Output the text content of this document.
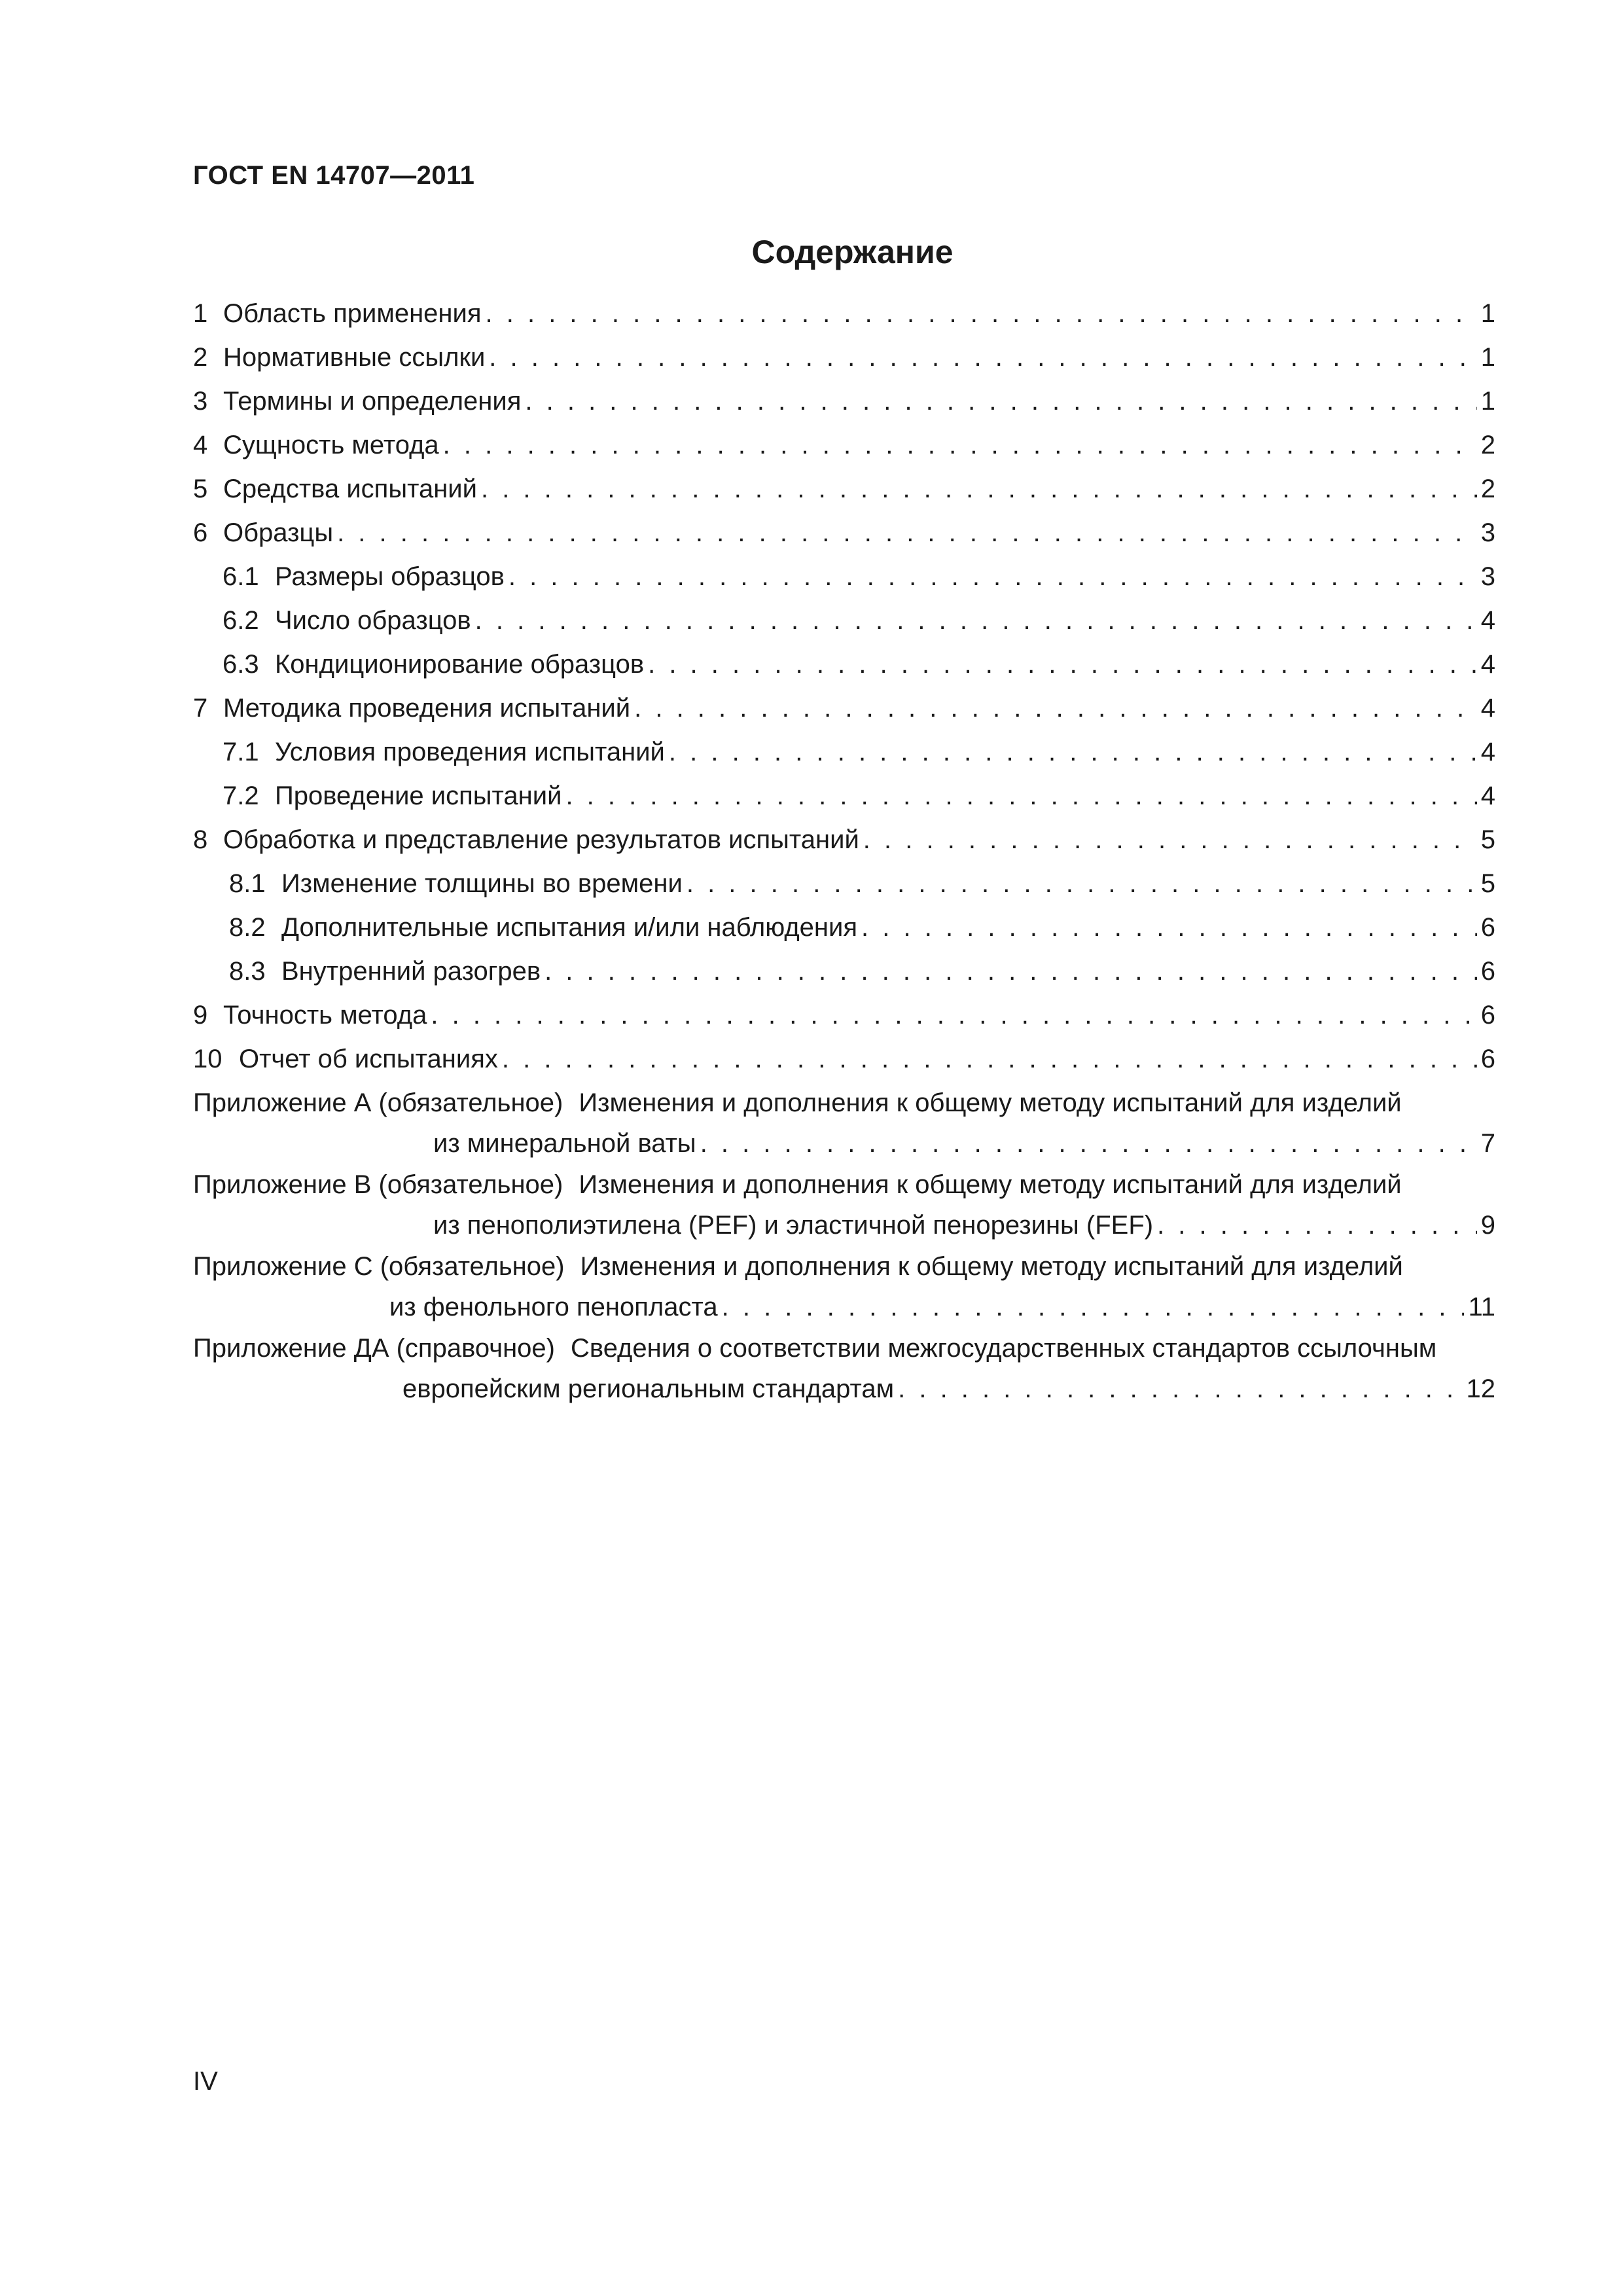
ГОСТ EN 14707—2011
Содержание
1 Область применения . . .	1
2 Нормативные ссылки . . .	1
3 Термины и определения . . .	1
4 Сущность метода . . .	2
5 Средства испытаний . . .	2
6 Образцы . . .	3
6.1 Размеры образцов . . .	3
6.2 Число образцов . . .	4
6.3 Кондиционирование образцов . . .	4
7 Методика проведения испытаний . . .	4
7.1 Условия проведения испытаний . . .	4
7.2 Проведение испытаний . . .	4
8 Обработка и представление результатов испытаний . . .	5
8.1 Изменение толщины во времени . . .	5
8.2 Дополнительные испытания и/или наблюдения . . .	6
8.3 Внутренний разогрев . . .	6
9 Точность метода . . .	6
10 Отчет об испытаниях . . .	6
Приложение А (обязательное) Изменения и дополнения к общему методу испытаний для изделий
из минеральной ваты . . .	7
Приложение В (обязательное) Изменения и дополнения к общему методу испытаний для изделий
из пенополиэтилена (PEF) и эластичной пенорезины (FEF) . . .	9
Приложение С (обязательное) Изменения и дополнения к общему методу испытаний для изделий
из фенольного пенопласта . . .	11
Приложение ДА (справочное) Сведения о соответствии межгосударственных стандартов ссылочным
европейским региональным стандартам . . .	12
IV
